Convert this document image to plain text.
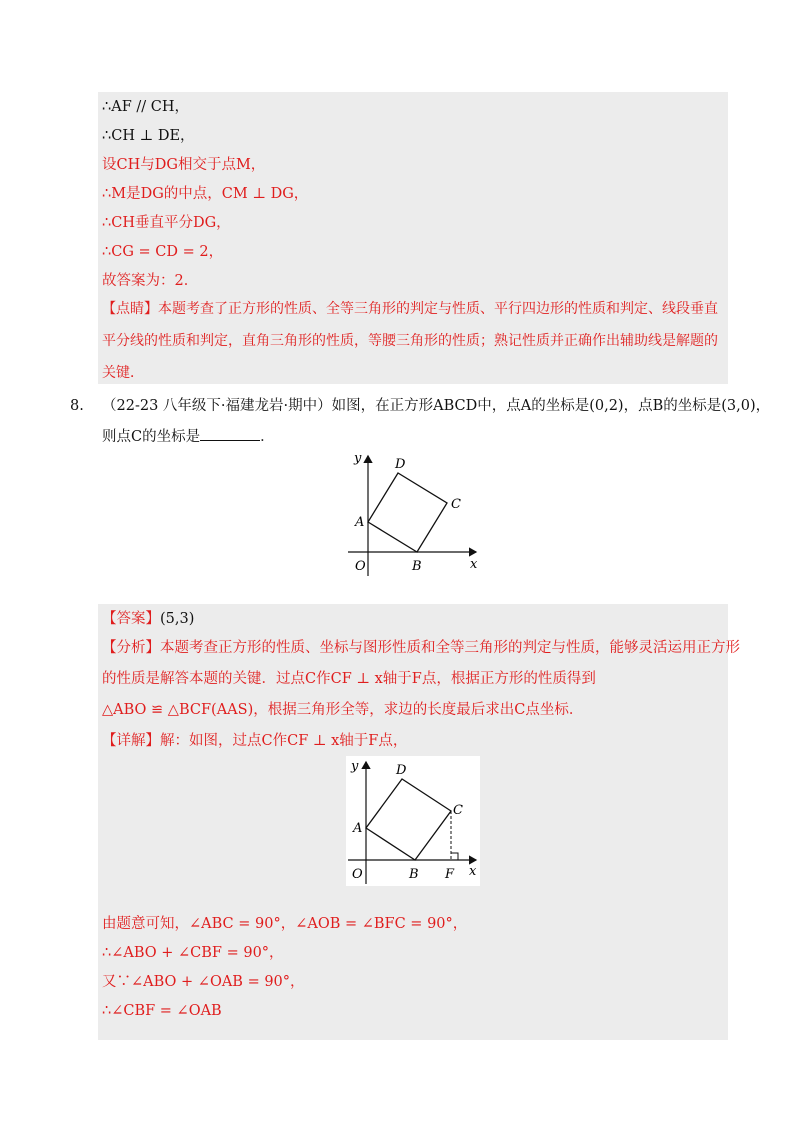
∴AF // CH，
∴CH ⊥ DE，
设CH与DG相交于点M，
∴M是DG的中点，CM ⊥ DG，
∴CH垂直平分DG，
∴CG = CD = 2，
故答案为：2．
【点睛】本题考查了正方形的性质、全等三角形的判定与性质、平行四边形的性质和判定、线段垂直平分线的性质和判定，直角三角形的性质，等腰三角形的性质；熟记性质并正确作出辅助线是解题的关键．
8. （22-23 八年级下·福建龙岩·期中）如图，在正方形ABCD中，点A的坐标是(0,2)，点B的坐标是(3,0)，
则点C的坐标是	．
y
x
O
A
B
C
D
【答案】(5,3)
【分析】本题考查正方形的性质、坐标与图形性质和全等三角形的判定与性质，能够灵活运用正方形
的性质是解答本题的关键．过点C作CF ⊥ x轴于F点，根据正方形的性质得到
△ABO ≌ △BCF(AAS)，根据三角形全等，求边的长度最后求出C点坐标．
【详解】解：如图，过点C作CF ⊥ x轴于F点，
y
x
O
A
B
C
D
F
由题意可知，∠ABC = 90°，∠AOB = ∠BFC = 90°，
∴∠ABO + ∠CBF = 90°，
又∵∠ABO + ∠OAB = 90°，
∴∠CBF = ∠OAB
